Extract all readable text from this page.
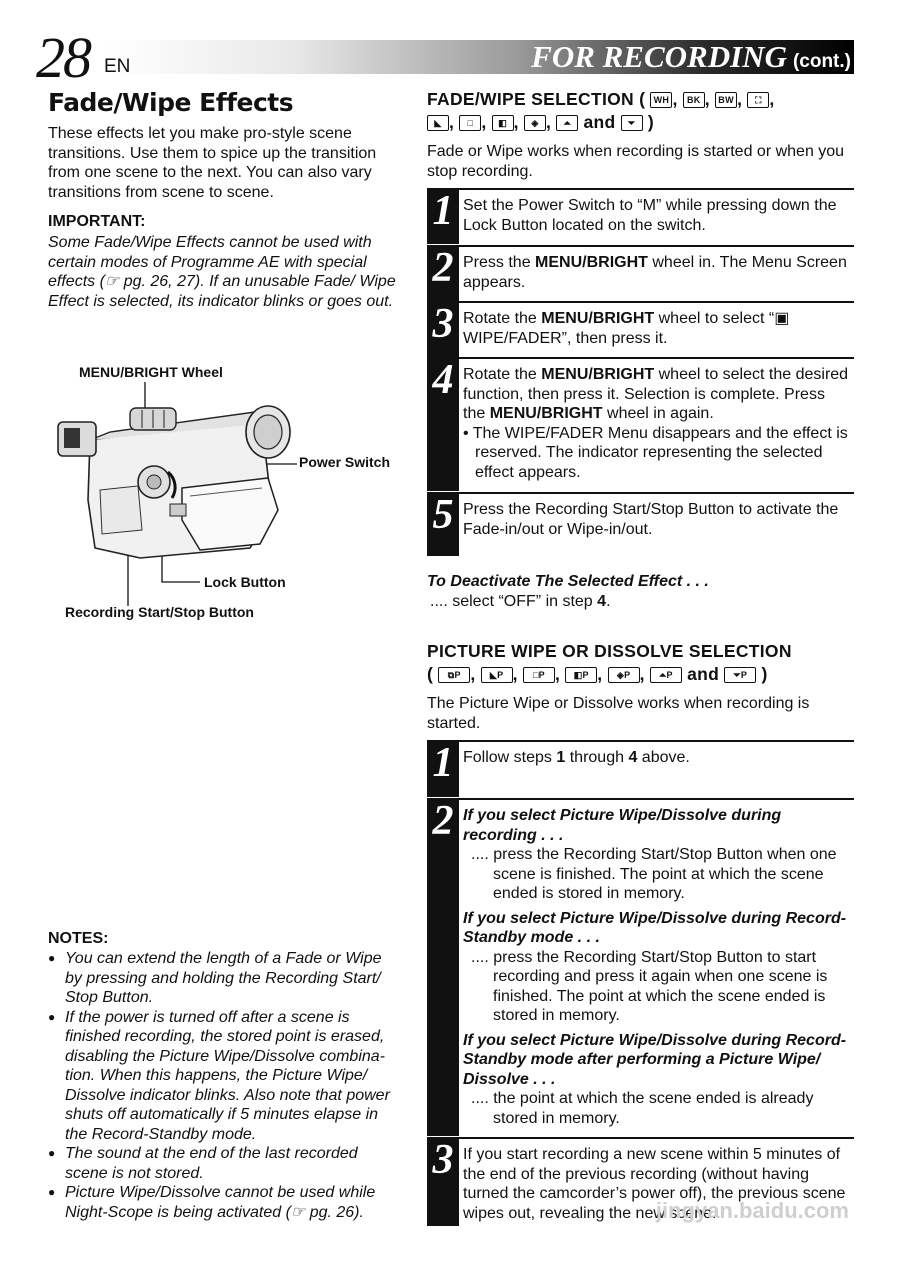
28 EN	FOR RECORDING (cont.)
Fade/Wipe Effects
These effects let you make pro-style scene transitions. Use them to spice up the transition from one scene to the next. You can also vary transitions from scene to scene.
IMPORTANT:
Some Fade/Wipe Effects cannot be used with certain modes of Programme AE with special effects (☞ pg. 26, 27). If an unusable Fade/ Wipe Effect is selected, its indicator blinks or goes out.
MENU/BRIGHT Wheel
Power Switch
Lock Button
Recording Start/Stop Button
NOTES:
● You can extend the length of a Fade or Wipe by pressing and holding the Recording Start/ Stop Button.
● If the power is turned off after a scene is finished recording, the stored point is erased, disabling the Picture Wipe/Dissolve combina-tion. When this happens, the Picture Wipe/ Dissolve indicator blinks. Also note that power shuts off automatically if 5 minutes elapse in the Record-Standby mode.
● The sound at the end of the last recorded scene is not stored.
● Picture Wipe/Dissolve cannot be used while Night-Scope is being activated (☞ pg. 26).
FADE/WIPE SELECTION ( WH , BK , BW , ⛶ ,
◣ , □ , ◧ , ◈ , ⏶ and ⏷ )
Fade or Wipe works when recording is started or when you stop recording.
1 Set the Power Switch to “M” while pressing down the Lock Button located on the switch.
2 Press the MENU/BRIGHT wheel in. The Menu Screen appears.
3 Rotate the MENU/BRIGHT wheel to select “▣ WIPE/FADER”, then press it.
4 Rotate the MENU/BRIGHT wheel to select the desired function, then press it. Selection is complete. Press the MENU/BRIGHT wheel in again.
• The WIPE/FADER Menu disappears and the effect is reserved. The indicator representing the selected effect appears.
5 Press the Recording Start/Stop Button to activate the Fade-in/out or Wipe-in/out.
To Deactivate The Selected Effect . . .
.... select “OFF” in step 4.
PICTURE WIPE OR DISSOLVE SELECTION
( ⧉P , ◣P , □P , ◧P , ◈P , ⏶P and ⏷P )
The Picture Wipe or Dissolve works when recording is started.
1 Follow steps 1 through 4 above.
2 If you select Picture Wipe/Dissolve during recording . . .
.... press the Recording Start/Stop Button when one scene is finished. The point at which the scene ended is stored in memory.
If you select Picture Wipe/Dissolve during Record-Standby mode . . .
.... press the Recording Start/Stop Button to start recording and press it again when one scene is finished. The point at which the scene ended is stored in memory.
If you select Picture Wipe/Dissolve during Record-Standby mode after performing a Picture Wipe/ Dissolve . . .
.... the point at which the scene ended is already stored in memory.
3 If you start recording a new scene within 5 minutes of the end of the previous recording (without having turned the camcorder’s power off), the previous scene wipes out, revealing the new scene.
jingyan.baidu.com
